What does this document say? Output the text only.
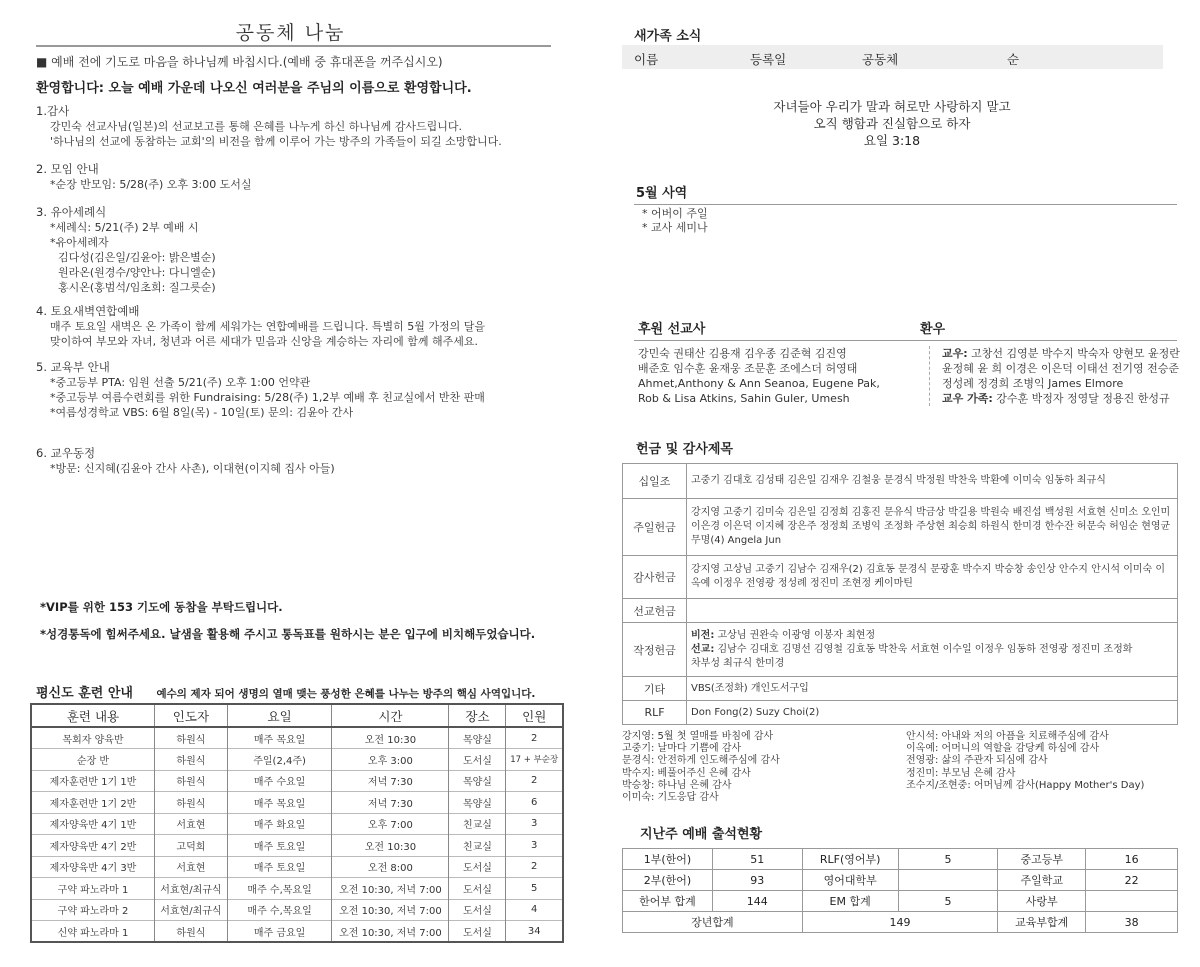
공동체 나눔
■ 예배 전에 기도로 마음을 하나님께 바칩시다.(예배 중 휴대폰을 꺼주십시오)
환영합니다: 오늘 예배 가운데 나오신 여러분을 주님의 이름으로 환영합니다.
1.감사
강민숙 선교사님(일본)의 선교보고를 통해 은혜를 나누게 하신 하나님께 감사드립니다.
'하나님의 선교에 동참하는 교회'의 비전을 함께 이루어 가는 방주의 가족들이 되길 소망합니다.
2. 모임 안내
*순장 반모임: 5/28(주) 오후 3:00 도서실
3. 유아세례식
*세례식: 5/21(주) 2부 예배 시
*유아세례자
김다성(김은일/김윤아: 밝은별순)
원라온(원경수/양안나: 다니엘순)
홍시온(홍범석/임초희: 질그릇순)
4. 토요새벽연합예배
매주 토요일 새벽은 온 가족이 함께 세워가는 연합예배를 드립니다. 특별히 5월 가정의 달을
맞이하여 부모와 자녀, 청년과 어른 세대가 믿음과 신앙을 계승하는 자리에 함께 해주세요.
5. 교육부 안내
*중고등부 PTA: 임원 선출 5/21(주) 오후 1:00 언약관
*중고등부 여름수련회를 위한 Fundraising: 5/28(주) 1,2부 예배 후 친교실에서 반찬 판매
*여름성경학교 VBS: 6월 8일(목) - 10일(토) 문의: 김윤아 간사
6. 교우동정
*방문: 신지혜(김윤아 간사 사촌), 이대현(이지혜 집사 아들)
*VIP를 위한 153 기도에 동참을 부탁드립니다.
*성경통독에 힘써주세요. 날샘을 활용해 주시고 통독표를 원하시는 분은 입구에 비치해두었습니다.
평신도 훈련 안내 예수의 제자 되어 생명의 열매 맺는 풍성한 은혜를 나누는 방주의 핵심 사역입니다.
훈련 내용	인도자	요일	시간	장소	인원
목회자 양육반	하원식	매주 목요일	오전 10:30	목양실	2
순장 반	하원식	주일(2,4주)	오후 3:00	도서실	17 + 부순장
제자훈련반 1기 1반	하원식	매주 수요일	저녁 7:30	목양실	2
제자훈련반 1기 2반	하원식	매주 목요일	저녁 7:30	목양실	6
제자양육반 4기 1반	서효현	매주 화요일	오후 7:00	친교실	3
제자양육반 4기 2반	고덕희	매주 토요일	오전 10:30	친교실	3
제자양육반 4기 3반	서효현	매주 토요일	오전 8:00	도서실	2
구약 파노라마 1	서효현/최규식	매주 수,목요일	오전 10:30, 저녁 7:00	도서실	5
구약 파노라마 2	서효현/최규식	매주 수,목요일	오전 10:30, 저녁 7:00	도서실	4
신약 파노라마 1	하원식	매주 금요일	오전 10:30, 저녁 7:00	도서실	34
새가족 소식
이름	등록일	공동체	순
자녀들아 우리가 말과 혀로만 사랑하지 말고
오직 행함과 진실함으로 하자
요일 3:18
5월 사역
* 어버이 주일
* 교사 세미나
후원 선교사	환우
강민숙 권태산 김용재 김우종 김준혁 김진영
배준호 임수훈 윤재웅 조문훈 조에스더 허영태
Ahmet,Anthony & Ann Seanoa, Eugene Pak,
Rob & Lisa Atkins, Sahin Guler, Umesh
교우: 고창선 김영분 박수지 박숙자 양현모 윤정란
윤정혜 윤 희 이경은 이은덕 이태선 전기영 전승준
정성례 정경희 조병익 James Elmore
교우 가족: 강수훈 박정자 정영달 정용진 한성규
헌금 및 감사제목
십일조	고중기 김대호 김성태 김은일 김재우 김철웅 문경식 박정원 박찬욱 박환예 이미숙 임동하 최규식
주일헌금	강지영 고중기 김미숙 김은일 김정희 김홍진 문유식 박금상 박길용 박원숙 배진섭 백성원 서효현 신미소 오인미 이은경 이은덕 이지혜 장은주 정정희 조병익 조정화 주상현 최승희 하원식 한미경 한수잔 허문숙 허임순 현영균 무명(4) Angela Jun
감사헌금	강지영 고상님 고중기 김남수 김재우(2) 김효동 문경식 문광훈 박수지 박승창 송인상 안수지 안시석 이미숙 이옥예 이정우 전영광 정성례 정진미 조현정 케이마틴
선교헌금	
작정헌금	비전: 고상님 권완숙 이광영 이봉자 최현정
선교: 김남수 김대호 김명선 김영철 김효동 박찬욱 서효현 이수일 이정우 임동하 전영광 정진미 조정화
차부성 최규식 한미경

기타	VBS(조정화) 개인도서구입
RLF	Don Fong(2) Suzy Choi(2)
강지영: 5월 첫 열매를 바침에 감사
고중기: 날마다 기쁨에 감사
문경식: 안전하게 인도해주심에 감사
박수지: 베풀어주신 은혜 감사
박승창: 하나님 은혜 감사
이미숙: 기도응답 감사
안시석: 아내와 저의 아픔을 치료해주심에 감사
이옥예: 어머니의 역할을 감당케 하심에 감사
전영광: 삶의 주관자 되심에 감사
정진미: 부모님 은혜 감사
조수지/조현중: 어머님께 감사(Happy Mother's Day)
지난주 예배 출석현황
1부(한어)	51	RLF(영어부)	5	중고등부	16
2부(한어)	93	영어대학부		주일학교	22
한어부 합계	144	EM 합계	5	사랑부	
장년합계		149		교육부합계	38
